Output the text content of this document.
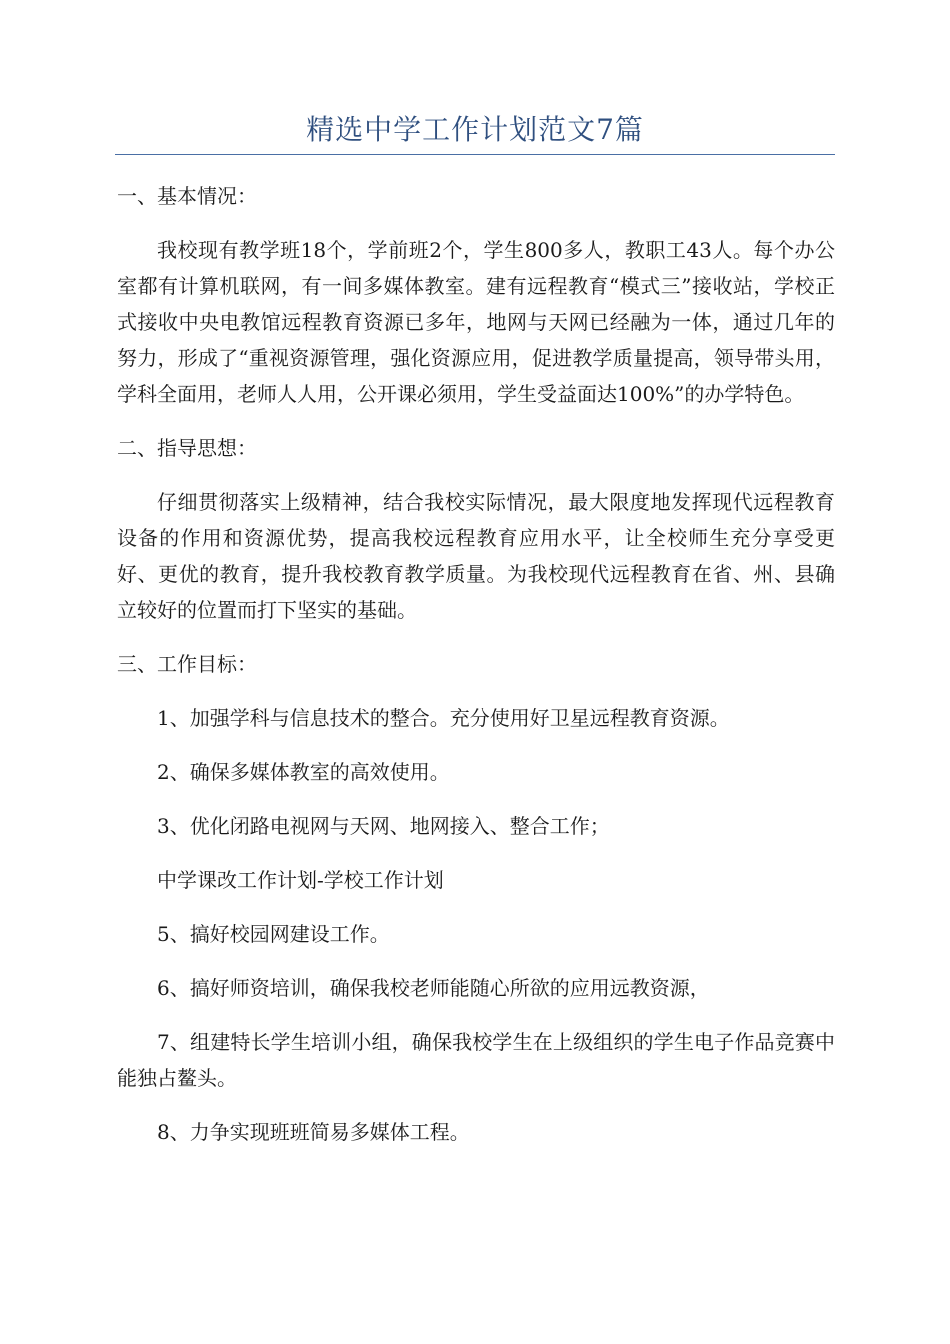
精选中学工作计划范文7篇

一、基本情况：

我校现有教学班18个，学前班2个，学生800多人，教职工43人。每个办公室都有计算机联网，有一间多媒体教室。建有远程教育“模式三”接收站，学校正式接收中央电教馆远程教育资源已多年，地网与天网已经融为一体，通过几年的努力，形成了“重视资源管理，强化资源应用，促进教学质量提高，领导带头用，学科全面用，老师人人用，公开课必须用，学生受益面达100%”的办学特色。

二、指导思想：

仔细贯彻落实上级精神，结合我校实际情况，最大限度地发挥现代远程教育设备的作用和资源优势，提高我校远程教育应用水平，让全校师生充分享受更好、更优的教育，提升我校教育教学质量。为我校现代远程教育在省、州、县确立较好的位置而打下坚实的基础。

三、工作目标：

1、加强学科与信息技术的整合。充分使用好卫星远程教育资源。

2、确保多媒体教室的高效使用。

3、优化闭路电视网与天网、地网接入、整合工作；

中学课改工作计划-学校工作计划

5、搞好校园网建设工作。

6、搞好师资培训，确保我校老师能随心所欲的应用远教资源，

7、组建特长学生培训小组，确保我校学生在上级组织的学生电子作品竞赛中能独占鳌头。

8、力争实现班班简易多媒体工程。
